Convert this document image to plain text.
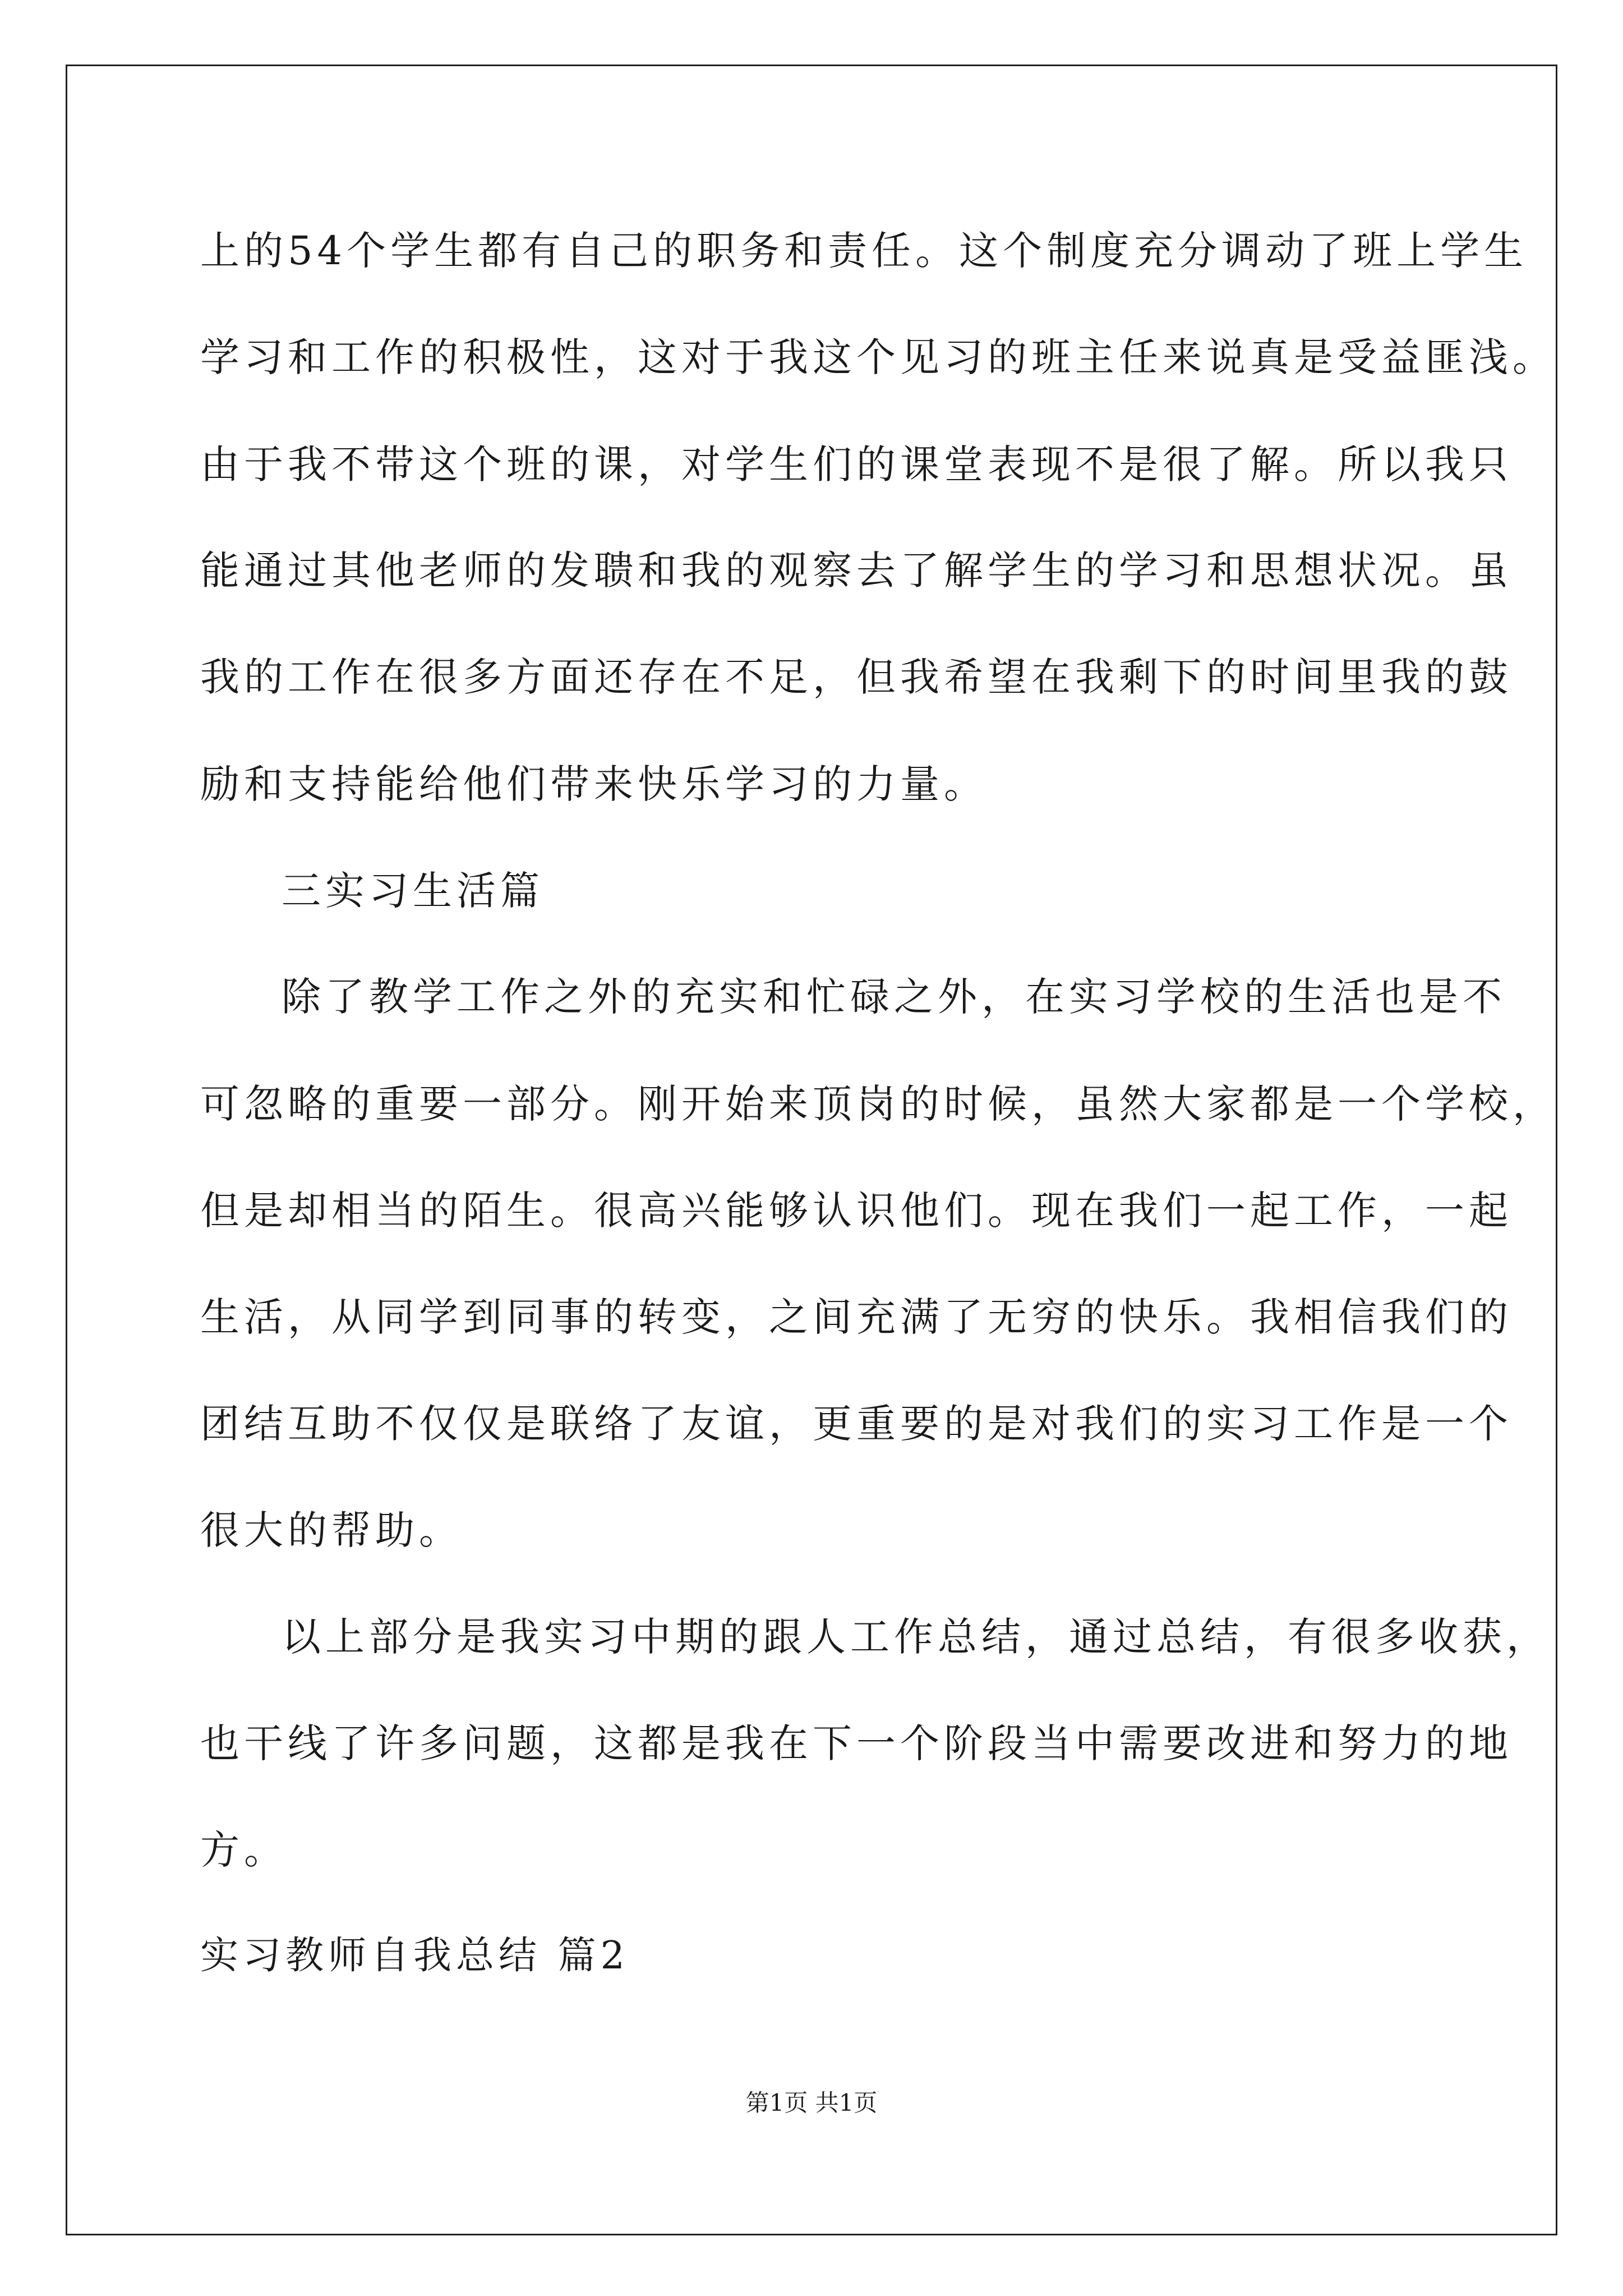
上的54个学生都有自己的职务和责任。这个制度充分调动了班上学生
学习和工作的积极性，这对于我这个见习的班主任来说真是受益匪浅。
由于我不带这个班的课，对学生们的课堂表现不是很了解。所以我只
能通过其他老师的发聩和我的观察去了解学生的学习和思想状况。虽
我的工作在很多方面还存在不足，但我希望在我剩下的时间里我的鼓
励和支持能给他们带来快乐学习的力量。
三实习生活篇
除了教学工作之外的充实和忙碌之外，在实习学校的生活也是不
可忽略的重要一部分。刚开始来顶岗的时候，虽然大家都是一个学校，
但是却相当的陌生。很高兴能够认识他们。现在我们一起工作，一起
生活，从同学到同事的转变，之间充满了无穷的快乐。我相信我们的
团结互助不仅仅是联络了友谊，更重要的是对我们的实习工作是一个
很大的帮助。
以上部分是我实习中期的跟人工作总结，通过总结，有很多收获，
也干线了许多问题，这都是我在下一个阶段当中需要改进和努力的地
方。
实习教师自我总结 篇2
第1页 共1页
